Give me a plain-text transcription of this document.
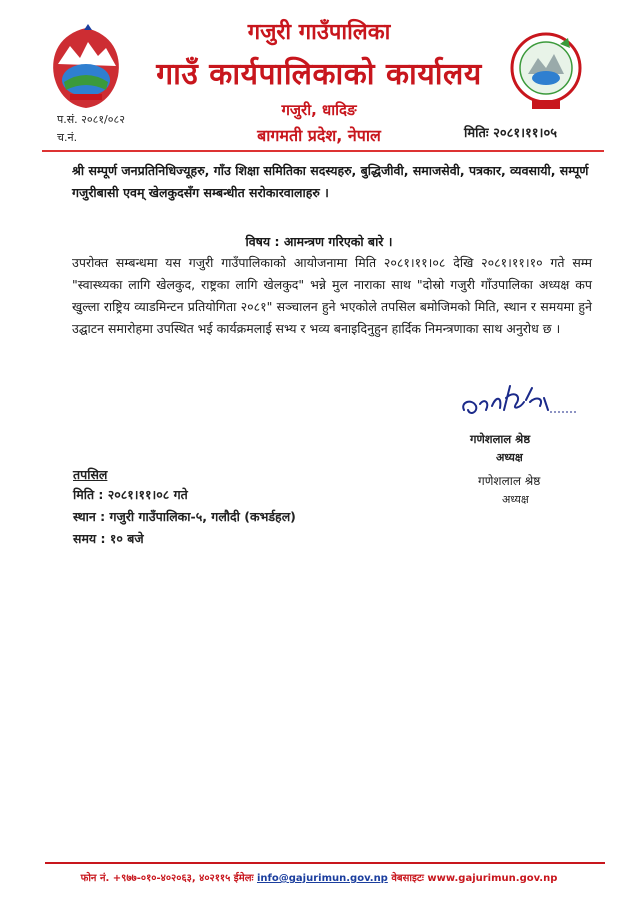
गजुरी गाउँपालिका
गाउँ कार्यपालिकाको कार्यालय
गजुरी, धादिङ
बागमती प्रदेश, नेपाल
प.सं. २०८१/०८२
च.नं.	मितिः २०८१।११।०५
श्री सम्पूर्ण जनप्रतिनिधिज्यूहरु, गाँउ शिक्षा समितिका सदस्यहरु, बुद्धिजीवी, समाजसेवी, पत्रकार, व्यवसायी, सम्पूर्ण गजुरीबासी एवम् खेलकुदसँग सम्बन्धीत सरोकारवालाहरु ।
विषय : आमन्त्रण गरिएको बारे ।
उपरोक्त सम्बन्धमा यस गजुरी गाउँपालिकाको आयोजनामा मिति २०८१।११।०८ देखि २०८१।११।१० गते सम्म "स्वास्थ्यका लागि खेलकुद, राष्ट्रका लागि खेलकुद" भन्ने मुल नाराका साथ "दोस्रो गजुरी गाँउपालिका अध्यक्ष कप खुल्ला राष्ट्रिय व्याडमिन्टन प्रतियोगिता २०८१" सञ्चालन हुने भएकोले तपसिल बमोजिमको मिति, स्थान र समयमा हुने उद्घाटन समारोहमा उपस्थित भई कार्यक्रमलाई सभ्य र भव्य बनाइदिनुहुन हार्दिक निमन्त्रणाका साथ अनुरोध छ ।
गणेशलाल श्रेष्ठ
अध्यक्ष
गणेशलाल श्रेष्ठ
अध्यक्ष
तपसिल
मिति : २०८१।११।०८ गते
स्थान : गजुरी गाउँपालिका-५, गलौदी (कभर्डहल)
समय : १० बजे
फोन नं. +९७७-०१०-४०२०६३, ४०२११५ ईमेलः info@gajurimun.gov.np वेबसाइटः www.gajurimun.gov.np
